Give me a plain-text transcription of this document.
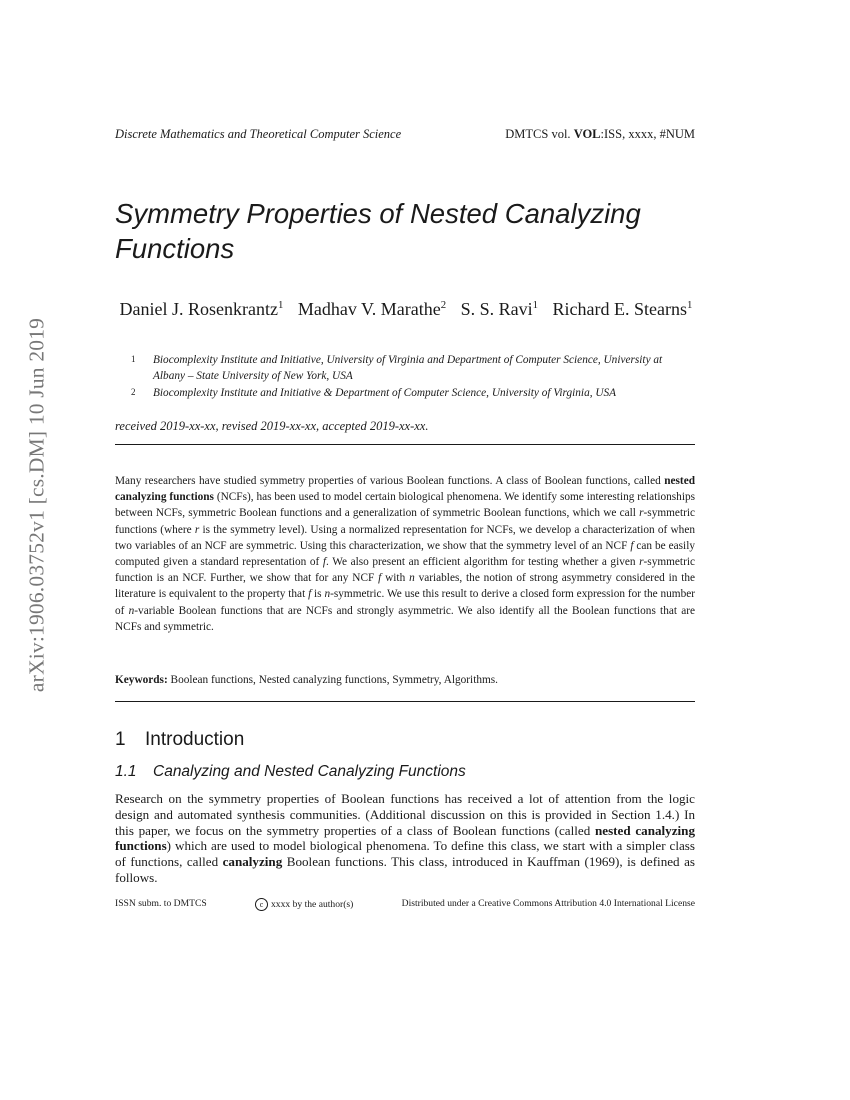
arXiv:1906.03752v1 [cs.DM] 10 Jun 2019
Discrete Mathematics and Theoretical Computer Science	DMTCS vol. VOL:ISS, xxxx, #NUM
Symmetry Properties of Nested Canalyzing Functions
Daniel J. Rosenkrantz$^1$ Madhav V. Marathe$^2$ S. S. Ravi$^1$ Richard E. Stearns$^1$
1	Biocomplexity Institute and Initiative, University of Virginia and Department of Computer Science, University at Albany – State University of New York, USA
2	Biocomplexity Institute and Initiative & Department of Computer Science, University of Virginia, USA
received 2019-xx-xx, revised 2019-xx-xx, accepted 2019-xx-xx.
Many researchers have studied symmetry properties of various Boolean functions. A class of Boolean functions, called nested canalyzing functions (NCFs), has been used to model certain biological phenomena. We identify some interesting relationships between NCFs, symmetric Boolean functions and a generalization of symmetric Boolean functions, which we call r-symmetric functions (where r is the symmetry level). Using a normalized representation for NCFs, we develop a characterization of when two variables of an NCF are symmetric. Using this characterization, we show that the symmetry level of an NCF f can be easily computed given a standard representation of f. We also present an efficient algorithm for testing whether a given r-symmetric function is an NCF. Further, we show that for any NCF f with n variables, the notion of strong asymmetry considered in the literature is equivalent to the property that f is n-symmetric. We use this result to derive a closed form expression for the number of n-variable Boolean functions that are NCFs and strongly asymmetric. We also identify all the Boolean functions that are NCFs and symmetric.
Keywords: Boolean functions, Nested canalyzing functions, Symmetry, Algorithms.
1 Introduction
1.1 Canalyzing and Nested Canalyzing Functions
Research on the symmetry properties of Boolean functions has received a lot of attention from the logic design and automated synthesis communities. (Additional discussion on this is provided in Section 1.4.) In this paper, we focus on the symmetry properties of a class of Boolean functions (called nested canalyzing functions) which are used to model biological phenomena. To define this class, we start with a simpler class of functions, called canalyzing Boolean functions. This class, introduced in Kauffman (1969), is defined as follows.
ISSN subm. to DMTCS	c xxxx by the author(s)	Distributed under a Creative Commons Attribution 4.0 International License
